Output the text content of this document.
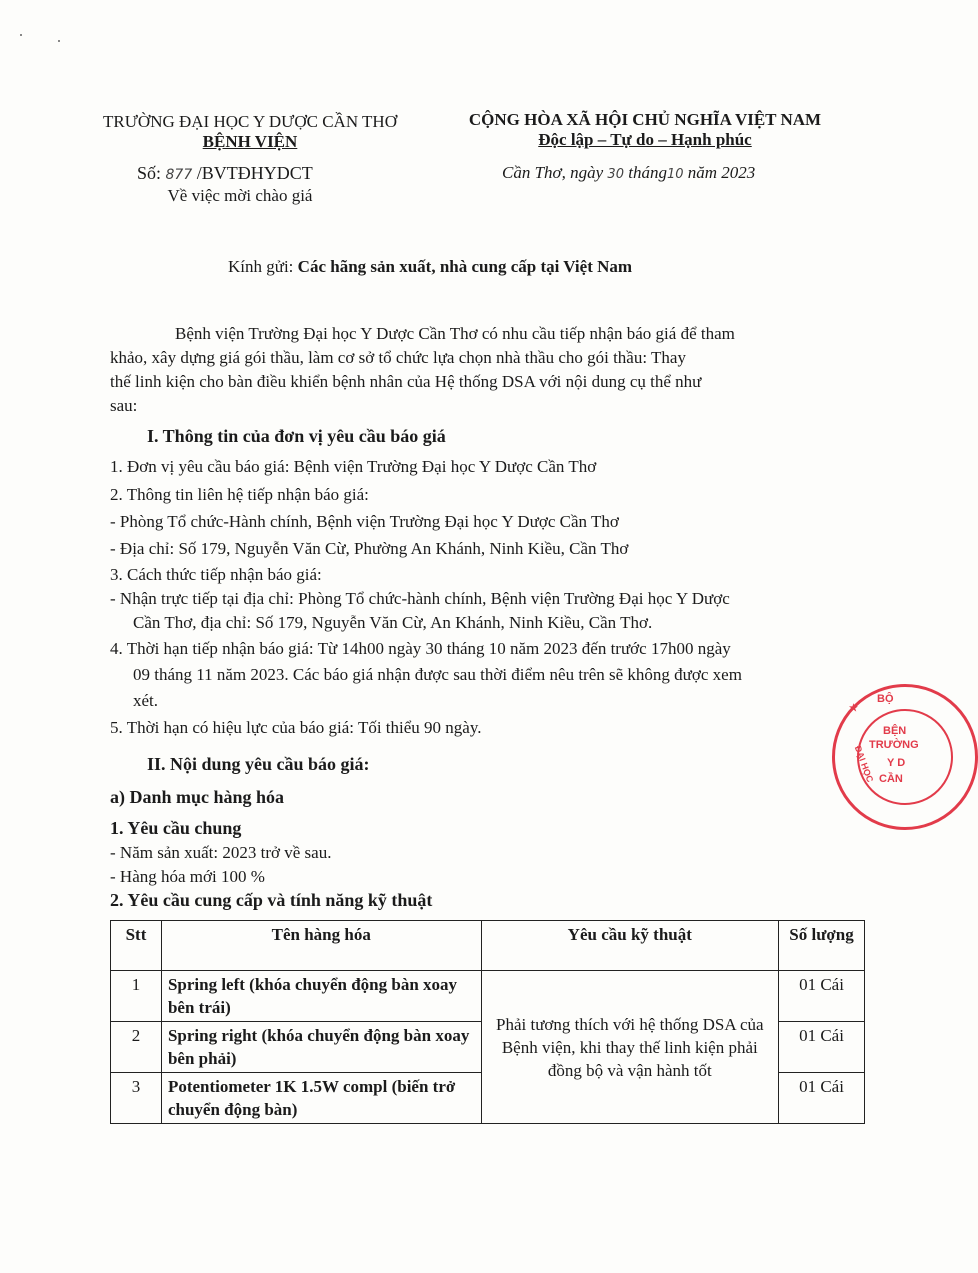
TRƯỜNG ĐẠI HỌC Y DƯỢC CẦN THƠ
BỆNH VIỆN
Số: 877 /BVTĐHYDCT
Về việc mời chào giá
CỘNG HÒA XÃ HỘI CHỦ NGHĨA VIỆT NAM
Độc lập – Tự do – Hạnh phúc
Cần Thơ, ngày 30 tháng10 năm 2023
Kính gửi: Các hãng sản xuất, nhà cung cấp tại Việt Nam
Bệnh viện Trường Đại học Y Dược Cần Thơ có nhu cầu tiếp nhận báo giá để tham
khảo, xây dựng giá gói thầu, làm cơ sở tổ chức lựa chọn nhà thầu cho gói thầu: Thay
thế linh kiện cho bàn điều khiển bệnh nhân của Hệ thống DSA với nội dung cụ thể như
sau:
I. Thông tin của đơn vị yêu cầu báo giá
1. Đơn vị yêu cầu báo giá: Bệnh viện Trường Đại học Y Dược Cần Thơ
2. Thông tin liên hệ tiếp nhận báo giá:
- Phòng Tổ chức-Hành chính, Bệnh viện Trường Đại học Y Dược Cần Thơ
- Địa chỉ: Số 179, Nguyễn Văn Cừ, Phường An Khánh, Ninh Kiều, Cần Thơ
3. Cách thức tiếp nhận báo giá:
- Nhận trực tiếp tại địa chỉ: Phòng Tổ chức-hành chính, Bệnh viện Trường Đại học Y Dược
Cần Thơ, địa chỉ: Số 179, Nguyễn Văn Cừ, An Khánh, Ninh Kiều, Cần Thơ.
4. Thời hạn tiếp nhận báo giá: Từ 14h00 ngày 30 tháng 10 năm 2023 đến trước 17h00 ngày
09 tháng 11 năm 2023. Các báo giá nhận được sau thời điểm nêu trên sẽ không được xem
xét.
5. Thời hạn có hiệu lực của báo giá: Tối thiểu 90 ngày.
II. Nội dung yêu cầu báo giá:
a) Danh mục hàng hóa
1. Yêu cầu chung
- Năm sản xuất: 2023 trở về sau.
- Hàng hóa mới 100 %
2. Yêu cầu cung cấp và tính năng kỹ thuật
Stt	Tên hàng hóa	Yêu cầu kỹ thuật	Số lượng
1	Spring left (khóa chuyển động bàn xoay bên trái)	Phải tương thích với hệ thống DSA của Bệnh viện, khi thay thế linh kiện phải đồng bộ và vận hành tốt	01 Cái
2	Spring right (khóa chuyển động bàn xoay bên phải)		01 Cái
3	Potentiometer 1K 1.5W compl (biến trở chuyển động bàn)		01 Cái
★
BỘ
BỆN
TRƯỜNG
Y D
CẦN
ĐẠI HỌC
